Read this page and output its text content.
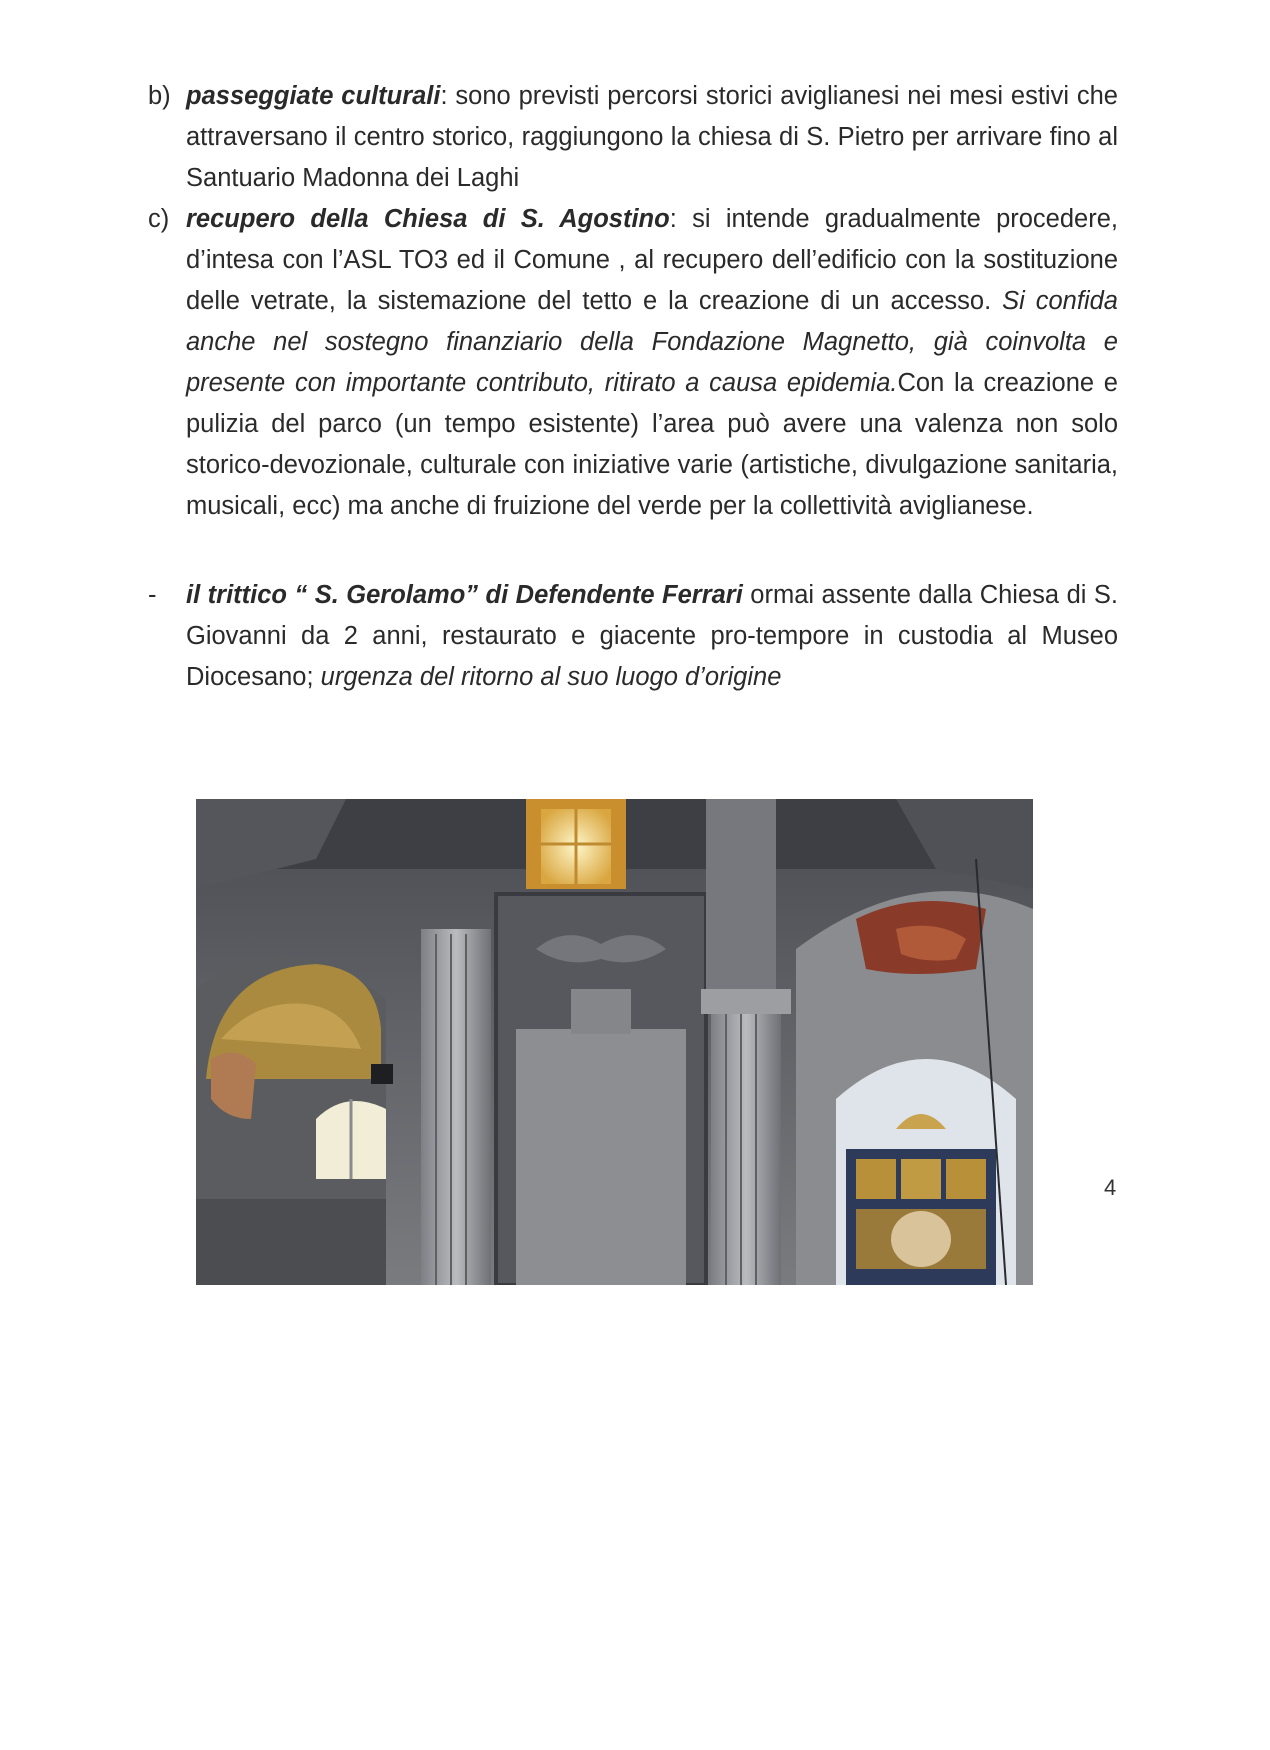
b) passeggiate culturali: sono previsti percorsi storici aviglianesi nei mesi estivi che attraversano il centro storico, raggiungono la chiesa di S. Pietro per arrivare fino al Santuario Madonna dei Laghi
c) recupero della Chiesa di S. Agostino: si intende gradualmente procedere, d’intesa con l’ASL TO3 ed il Comune , al recupero dell’edificio con la sostituzione delle vetrate, la sistemazione del tetto e la creazione di un accesso. Si confida anche nel sostegno finanziario della Fondazione Magnetto, già coinvolta e presente con importante contributo, ritirato a causa epidemia.Con la creazione e pulizia del parco (un tempo esistente) l’area può avere una valenza non solo storico-devozionale, culturale con iniziative varie (artistiche, divulgazione sanitaria, musicali, ecc) ma anche di fruizione del verde per la collettività aviglianese.
- il trittico “ S. Gerolamo” di Defendente Ferrari ormai assente dalla Chiesa di S. Giovanni da 2 anni, restaurato e giacente pro-tempore in custodia al Museo Diocesano; urgenza del ritorno al suo luogo d’origine
4
